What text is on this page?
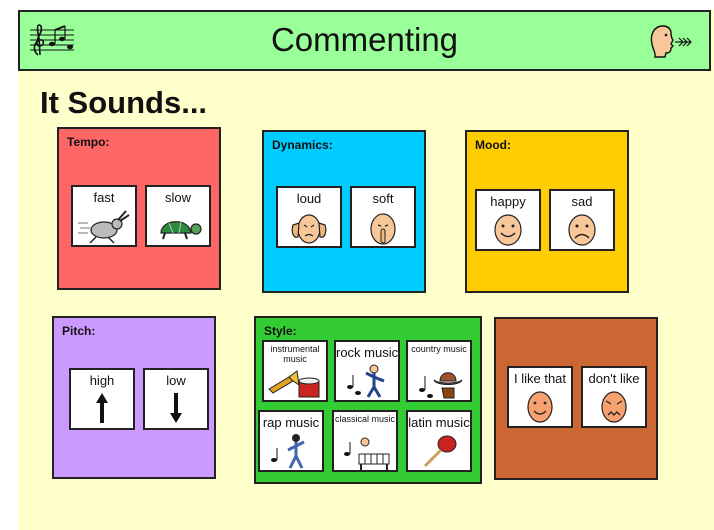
Commenting
It Sounds...
Tempo:
fast	slow
Dynamics:
loud	soft
Mood:
happy	sad
Pitch:
high	low
Style:
instrumental music	rock music	country music
rap music	classical music latin music
I like that	don't like
